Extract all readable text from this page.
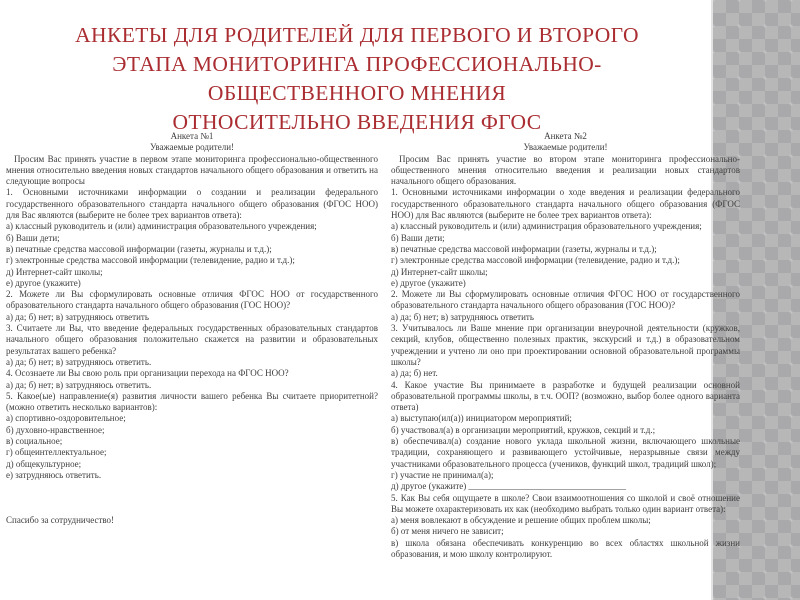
АНКЕТЫ ДЛЯ РОДИТЕЛЕЙ ДЛЯ ПЕРВОГО И ВТОРОГО
ЭТАПА МОНИТОРИНГА ПРОФЕССИОНАЛЬНО-
ОБЩЕСТВЕННОГО МНЕНИЯ
ОТНОСИТЕЛЬНО ВВЕДЕНИЯ ФГОС
Анкета №1
Уважаемые родители!
Просим Вас принять участие в первом этапе мониторинга профессионально-общественного мнения относительно введения новых стандартов начального общего образования и ответить на следующие вопросы
1. Основными источниками информации о создании и реализации федерального государственного образовательного стандарта начального общего образования (ФГОС НОО) для Вас являются (выберите не более трех вариантов ответа):
а) классный руководитель и (или) администрация образовательного учреждения;
б) Ваши дети;
в) печатные средства массовой информации (газеты, журналы и т.д.);
г) электронные средства массовой информации (телевидение, радио и т.д.);
д) Интернет-сайт школы;
е) другое (укажите)
2. Можете ли Вы сформулировать основные отличия ФГОС НОО от государственного образовательного стандарта начального общего образования (ГОС НОО)?
а) да; б) нет; в) затрудняюсь ответить
3. Считаете ли Вы, что введение федеральных государственных образовательных стандартов начального общего образования положительно скажется на развитии и образовательных результатах вашего ребенка?
а) да; б) нет; в) затрудняюсь ответить.
4. Осознаете ли Вы свою роль при организации перехода на ФГОС НОО?
а) да; б) нет; в) затрудняюсь ответить.
5. Какое(ые) направление(я) развития личности вашего ребенка Вы считаете приоритетной? (можно ответить несколько вариантов):
а) спортивно-оздоровительное;
б) духовно-нравственное;
в) социальное;
г) общеинтеллектуальное;
д) общекультурное;
е) затрудняюсь ответить.
Спасибо за сотрудничество!
Анкета №2
Уважаемые родители!
Просим Вас принять участие во втором этапе мониторинга профессионально-общественного мнения относительно введения и реализации новых стандартов начального общего образования.
1. Основными источниками информации о ходе введения и реализации федерального государственного образовательного стандарта начального общего образования (ФГОС НОО) для Вас являются (выберите не более трех вариантов ответа):
а) классный руководитель и (или) администрация образовательного учреждения;
б) Ваши дети;
в) печатные средства массовой информации (газеты, журналы и т.д.);
г) электронные средства массовой информации (телевидение, радио и т.д.);
д) Интернет-сайт школы;
е) другое (укажите)
2. Можете ли Вы сформулировать основные отличия ФГОС НОО от государственного образовательного стандарта начального общего образования (ГОС НОО)?
а) да; б) нет; в) затрудняюсь ответить
3. Учитывалось ли Ваше мнение при организации внеурочной деятельности (кружков, секций, клубов, общественно полезных практик, экскурсий и т.д.) в образовательном учреждении и учтено ли оно при проектировании основной образовательной программы школы?
а) да; б) нет.
4. Какое участие Вы принимаете в разработке и будущей реализации основной образовательной программы школы, в т.ч. ООП? (возможно, выбор более одного варианта ответа)
а) выступаю(ил(а)) инициатором мероприятий;
б) участвовал(а) в организации мероприятий, кружков, секций и т.д.;
в) обеспечивал(а) создание нового уклада школьной жизни, включающего школьные традиции, сохраняющего и развивающего устойчивые, неразрывные связи между участниками образовательного процесса (учеников, функций школ, традиций школ);
г) участие не принимал(а);
д) другое (укажите) ___________________________________
5. Как Вы себя ощущаете в школе? Свои взаимоотношения со школой и своё отношение Вы можете охарактеризовать их как (необходимо выбрать только один вариант ответа):
а) меня вовлекают в обсуждение и решение общих проблем школы;
б) от меня ничего не зависит;
в) школа обязана обеспечивать конкуренцию во всех областях школьной жизни образования, и мою школу контролируют.
